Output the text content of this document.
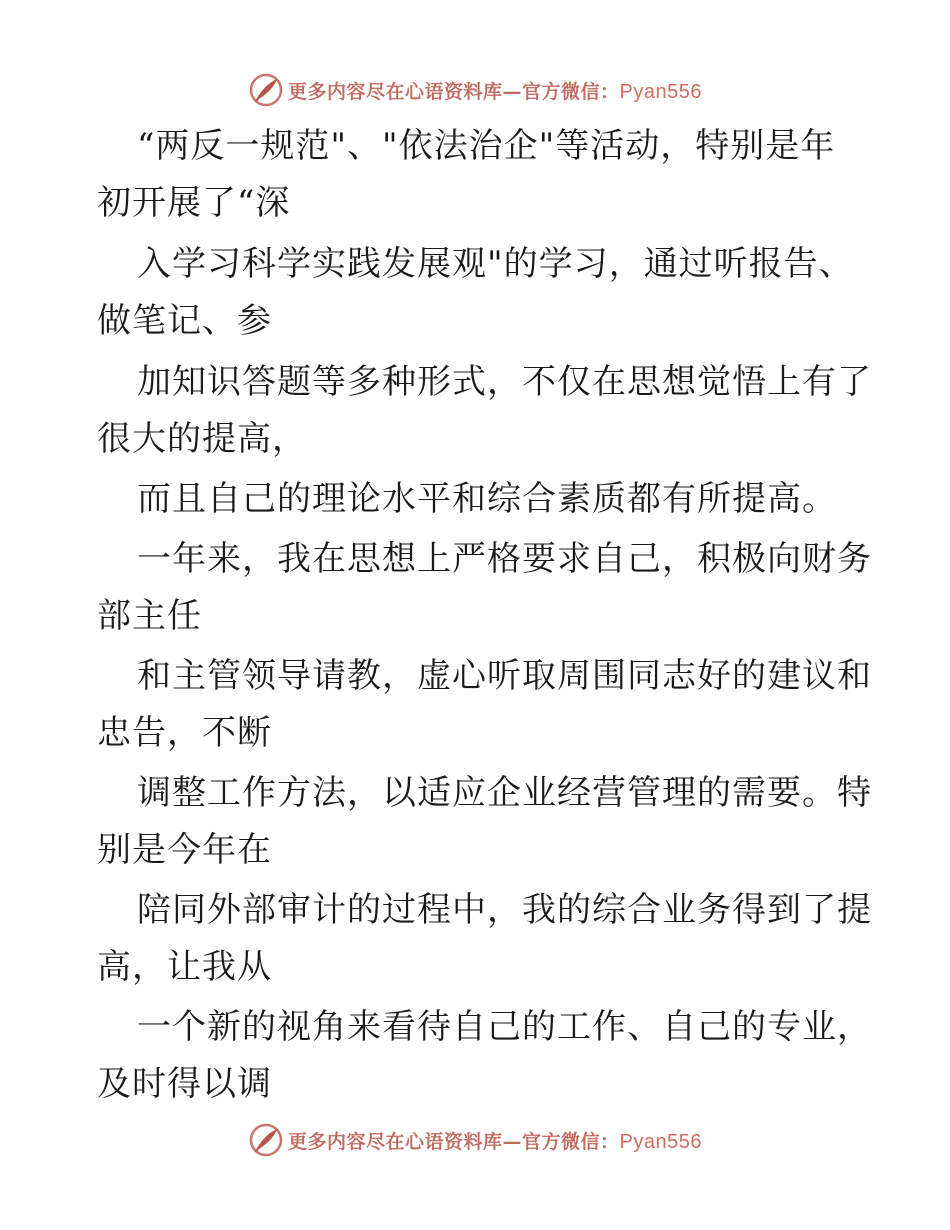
更多内容尽在心语资料库—官方微信：Pyan556
“两反一规范"、"依法治企"等活动，特别是年
初开展了“深
入学习科学实践发展观"的学习，通过听报告、
做笔记、参
加知识答题等多种形式，不仅在思想觉悟上有了
很大的提高，
而且自己的理论水平和综合素质都有所提高。
一年来，我在思想上严格要求自己，积极向财务
部主任
和主管领导请教，虚心听取周围同志好的建议和
忠告，不断
调整工作方法，以适应企业经营管理的需要。特
别是今年在
陪同外部审计的过程中，我的综合业务得到了提
高，让我从
一个新的视角来看待自己的工作、自己的专业，
及时得以调
更多内容尽在心语资料库—官方微信：Pyan556
